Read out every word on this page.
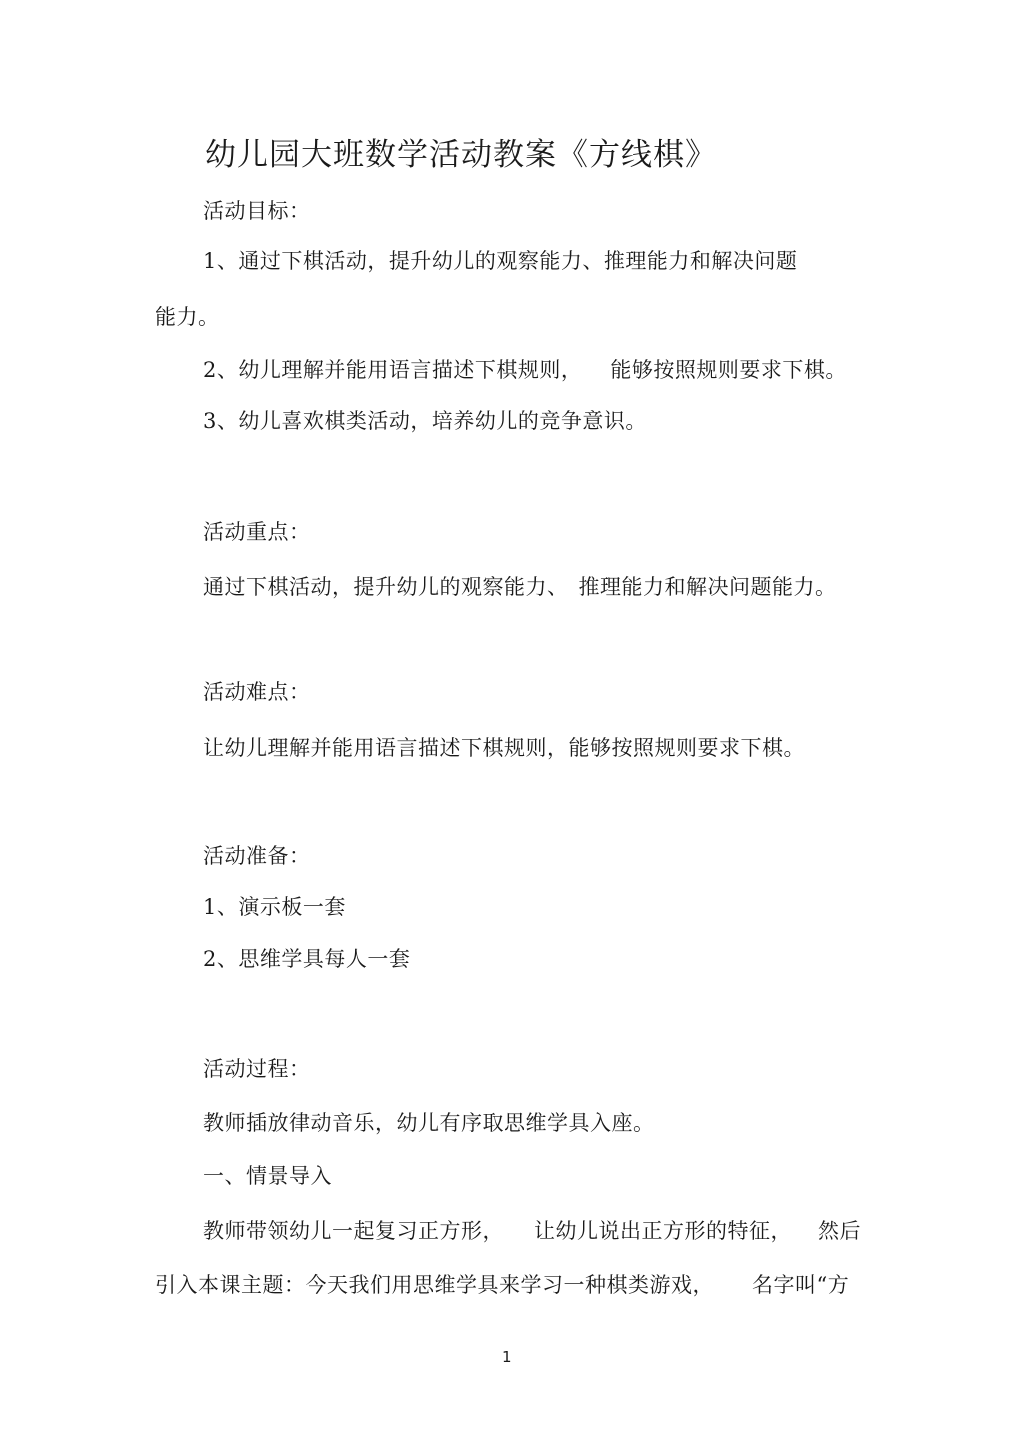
幼儿园大班数学活动教案《方线棋》
活动目标：
1、通过下棋活动，提升幼儿的观察能力、推理能力和解决问题
能力。
2、幼儿理解并能用语言描述下棋规则， 能够按照规则要求下棋。
3、幼儿喜欢棋类活动，培养幼儿的竞争意识。
活动重点：
通过下棋活动，提升幼儿的观察能力、 推理能力和解决问题能力。
活动难点：
让幼儿理解并能用语言描述下棋规则，能够按照规则要求下棋。
活动准备：
1、演示板一套
2、思维学具每人一套
活动过程：
教师插放律动音乐，幼儿有序取思维学具入座。
一、情景导入
教师带领幼儿一起复习正方形， 让幼儿说出正方形的特征， 然后
引入本课主题：今天我们用思维学具来学习一种棋类游戏， 名字叫“方
1
